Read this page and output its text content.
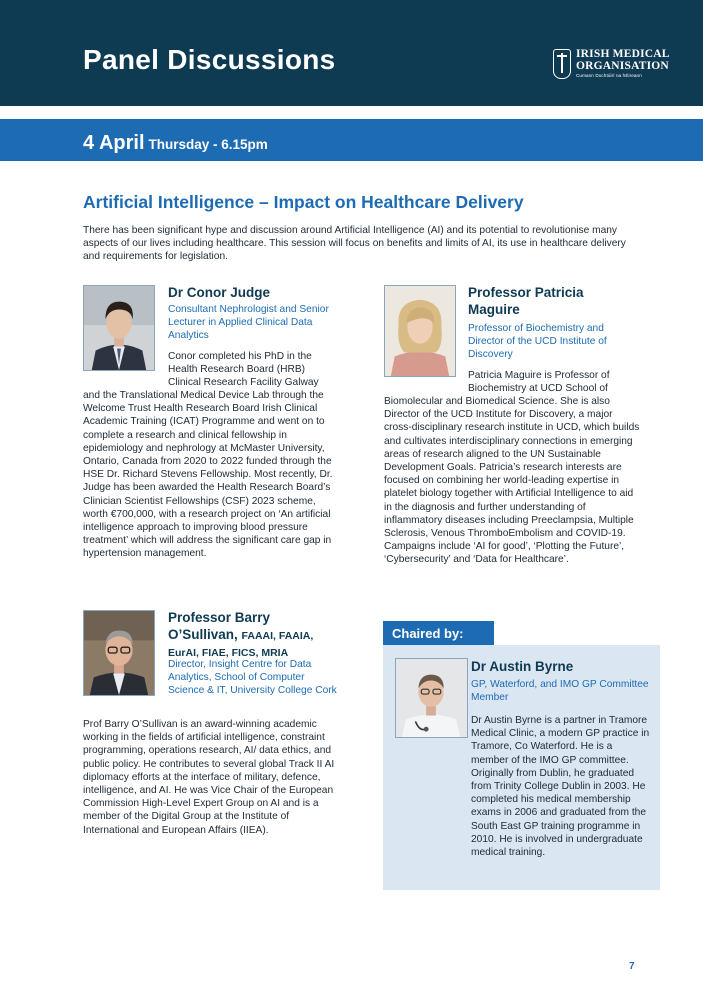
Panel Discussions	IRISH MEDICAL
ORGANISATION
Cumann Dochtúirí na hÉireann
4 April Thursday - 6.15pm
Artificial Intelligence – Impact on Healthcare Delivery
There has been significant hype and discussion around Artificial Intelligence (AI) and its potential to revolutionise many aspects of our lives including healthcare. This session will focus on benefits and limits of AI, its use in healthcare delivery and requirements for legislation.
Dr Conor Judge
Consultant Nephrologist and Senior Lecturer in Applied Clinical Data Analytics
Conor completed his PhD in the Health Research Board (HRB) Clinical Research Facility Galway
and the Translational Medical Device Lab through the Welcome Trust Health Research Board Irish Clinical Academic Training (ICAT) Programme and went on to complete a research and clinical fellowship in epidemiology and nephrology at McMaster University, Ontario, Canada from 2020 to 2022 funded through the HSE Dr. Richard Stevens Fellowship. Most recently, Dr. Judge has been awarded the Health Research Board’s Clinician Scientist Fellowships (CSF) 2023 scheme, worth €700,000, with a research project on ‘An artificial intelligence approach to improving blood pressure treatment’ which will address the significant care gap in hypertension management.
Professor Patricia
Maguire
Professor of Biochemistry and Director of the UCD Institute of Discovery
Patricia Maguire is Professor of Biochemistry at UCD School of
Biomolecular and Biomedical Science. She is also Director of the UCD Institute for Discovery, a major cross-disciplinary research institute in UCD, which builds and cultivates interdisciplinary connections in emerging areas of research aligned to the UN Sustainable Development Goals. Patricia’s research interests are focused on combining her world-leading expertise in platelet biology together with Artificial Intelligence to aid in the diagnosis and further understanding of inflammatory diseases including Preeclampsia, Multiple Sclerosis, Venous ThromboEmbolism and COVID-19. Campaigns include ‘AI for good’, ‘Plotting the Future’, ‘Cybersecurity’ and ‘Data for Healthcare’.
Professor Barry
O’Sullivan, FAAAI, FAAIA,
EurAI, FIAE, FICS, MRIA
Director, Insight Centre for Data Analytics, School of Computer Science & IT, University College Cork
Prof Barry O’Sullivan is an award-winning academic working in the fields of artificial intelligence, constraint programming, operations research, AI/ data ethics, and public policy. He contributes to several global Track II AI diplomacy efforts at the interface of military, defence, intelligence, and AI. He was Vice Chair of the European Commission High-Level Expert Group on AI and is a member of the Digital Group at the Institute of International and European Affairs (IIEA).
Chaired by:
Dr Austin Byrne
GP, Waterford, and IMO GP Committee Member
Dr Austin Byrne is a partner in Tramore Medical Clinic, a modern GP practice in Tramore, Co Waterford. He is a member of the IMO GP committee. Originally from Dublin, he graduated from Trinity College Dublin in 2003. He completed his medical membership exams in 2006 and graduated from the South East GP training programme in 2010. He is involved in undergraduate medical training.
7
